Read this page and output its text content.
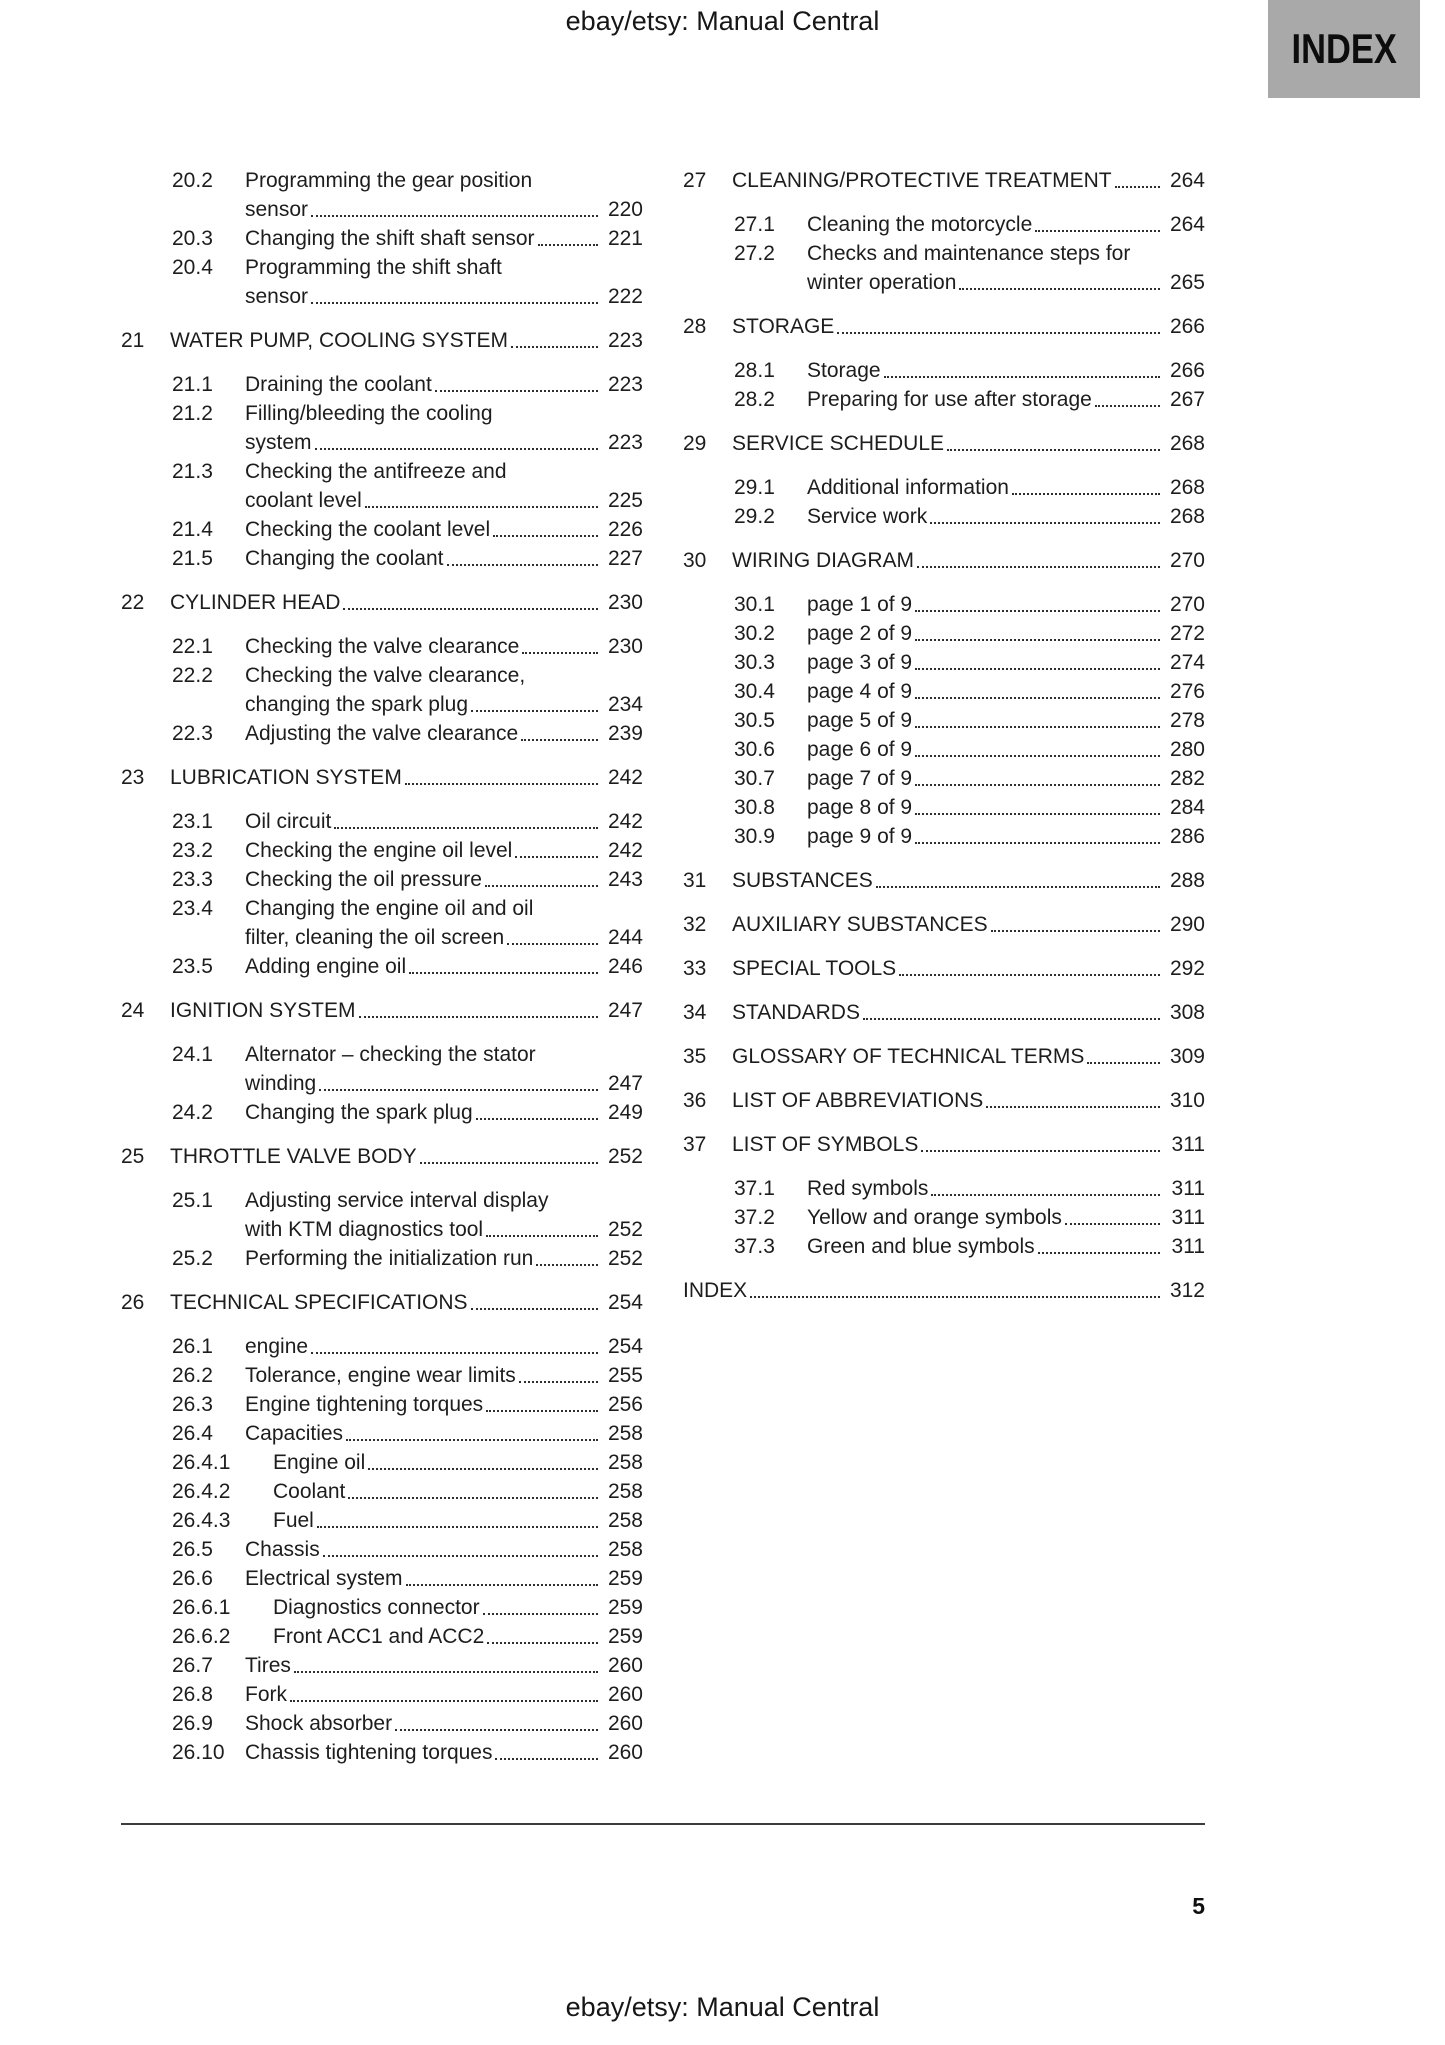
ebay/etsy: Manual Central
INDEX
20.2	Programming the gear position
sensor	220
20.3	Changing the shift shaft sensor	221
20.4	Programming the shift shaft
sensor	222
21	WATER PUMP, COOLING SYSTEM	223
21.1	Draining the coolant	223
21.2	Filling/bleeding the cooling
system	223
21.3	Checking the antifreeze and
coolant level	225
21.4	Checking the coolant level	226
21.5	Changing the coolant	227
22	CYLINDER HEAD	230
22.1	Checking the valve clearance	230
22.2	Checking the valve clearance,
changing the spark plug	234
22.3	Adjusting the valve clearance	239
23	LUBRICATION SYSTEM	242
23.1	Oil circuit	242
23.2	Checking the engine oil level	242
23.3	Checking the oil pressure	243
23.4	Changing the engine oil and oil
filter, cleaning the oil screen	244
23.5	Adding engine oil	246
24	IGNITION SYSTEM	247
24.1	Alternator – checking the stator
winding	247
24.2	Changing the spark plug	249
25	THROTTLE VALVE BODY	252
25.1	Adjusting service interval display
with KTM diagnostics tool	252
25.2	Performing the initialization run	252
26	TECHNICAL SPECIFICATIONS	254
26.1	engine	254
26.2	Tolerance, engine wear limits	255
26.3	Engine tightening torques	256
26.4	Capacities	258
26.4.1	Engine oil	258
26.4.2	Coolant	258
26.4.3	Fuel	258
26.5	Chassis	258
26.6	Electrical system	259
26.6.1	Diagnostics connector	259
26.6.2	Front ACC1 and ACC2	259
26.7	Tires	260
26.8	Fork	260
26.9	Shock absorber	260
26.10 Chassis tightening torques	260
27	CLEANING/PROTECTIVE TREATMENT	264
27.1	Cleaning the motorcycle	264
27.2	Checks and maintenance steps for
winter operation	265
28	STORAGE	266
28.1	Storage	266
28.2	Preparing for use after storage	267
29	SERVICE SCHEDULE	268
29.1	Additional information	268
29.2	Service work	268
30	WIRING DIAGRAM	270
30.1	page 1 of 9	270
30.2	page 2 of 9	272
30.3	page 3 of 9	274
30.4	page 4 of 9	276
30.5	page 5 of 9	278
30.6	page 6 of 9	280
30.7	page 7 of 9	282
30.8	page 8 of 9	284
30.9	page 9 of 9	286
31	SUBSTANCES	288
32	AUXILIARY SUBSTANCES	290
33	SPECIAL TOOLS	292
34	STANDARDS	308
35	GLOSSARY OF TECHNICAL TERMS	309
36	LIST OF ABBREVIATIONS	310
37	LIST OF SYMBOLS	311
37.1	Red symbols	311
37.2	Yellow and orange symbols	311
37.3	Green and blue symbols	311
INDEX	312
5
ebay/etsy: Manual Central
